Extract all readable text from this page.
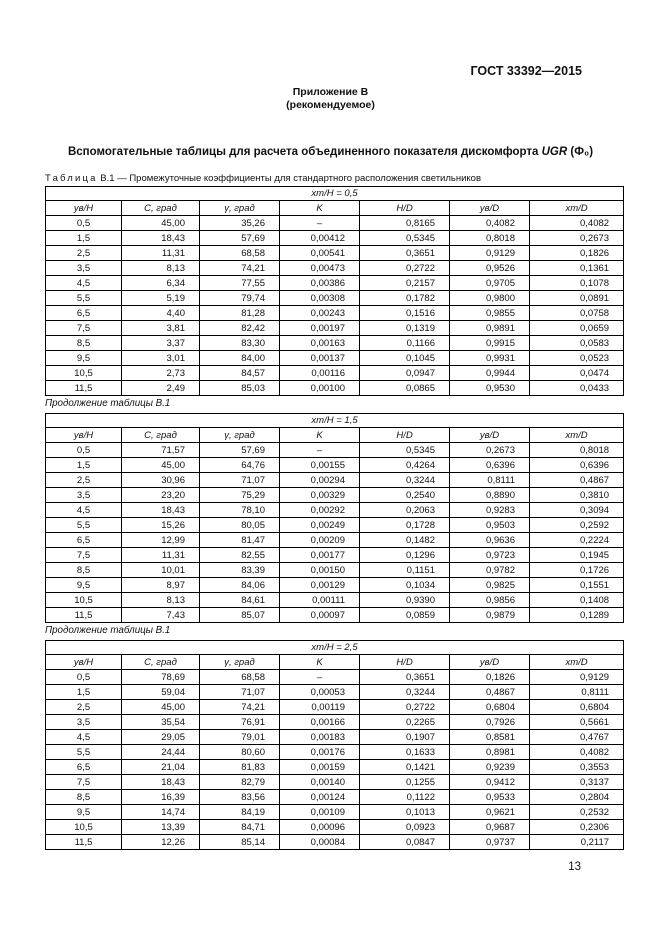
ГОСТ 33392—2015
Приложение В
(рекомендуемое)
Вспомогательные таблицы для расчета объединенного показателя дискомфорта UGR (Ф₀)
Таблица В.1 — Промежуточные коэффициенты для стандартного расположения светильников
Продолжение таблицы В.1
Продолжение таблицы В.1
xт/H = 0,5						
yв/H	C, град	γ, град	K	H/D	yв/D	xт/D
0,5	45,00	35,26	–	0,8165	0,4082	0,4082
1,5	18,43	57,69	0,00412	0,5345	0,8018	0,2673
2,5	11,31	68,58	0,00541	0,3651	0,9129	0,1826
3,5	8,13	74,21	0,00473	0,2722	0,9526	0,1361
4,5	6,34	77,55	0,00386	0,2157	0,9705	0,1078
5,5	5,19	79,74	0,00308	0,1782	0,9800	0,0891
6,5	4,40	81,28	0,00243	0,1516	0,9855	0,0758
7,5	3,81	82,42	0,00197	0,1319	0,9891	0,0659
8,5	3,37	83,30	0,00163	0,1166	0,9915	0,0583
9,5	3,01	84,00	0,00137	0,1045	0,9931	0,0523
10,5	2,73	84,57	0,00116	0,0947	0,9944	0,0474
11,5	2,49	85,03	0,00100	0,0865	0,9530	0,0433
xт/H = 1,5						
yв/H	C, град	γ, град	K	H/D	yв/D	xт/D
0,5	71,57	57,69	–	0,5345	0,2673	0,8018
1,5	45,00	64,76	0,00155	0,4264	0,6396	0,6396
2,5	30,96	71,07	0,00294	0,3244	0,8111	0,4867
3,5	23,20	75,29	0,00329	0,2540	0,8890	0,3810
4,5	18,43	78,10	0,00292	0,2063	0,9283	0,3094
5,5	15,26	80,05	0,00249	0,1728	0,9503	0,2592
6,5	12,99	81,47	0,00209	0,1482	0,9636	0,2224
7,5	11,31	82,55	0,00177	0,1296	0,9723	0,1945
8,5	10,01	83,39	0,00150	0,1151	0,9782	0,1726
9,5	8,97	84,06	0,00129	0,1034	0,9825	0,1551
10,5	8,13	84,61	0,00111	0,9390	0,9856	0,1408
11,5	7,43	85,07	0,00097	0,0859	0,9879	0,1289
xт/H = 2,5						
yв/H	C, град	γ, град	K	H/D	yв/D	xт/D
0,5	78,69	68,58	–	0,3651	0,1826	0,9129
1,5	59,04	71,07	0,00053	0,3244	0,4867	0,8111
2,5	45,00	74,21	0,00119	0,2722	0,6804	0,6804
3,5	35,54	76,91	0,00166	0,2265	0,7926	0,5661
4,5	29,05	79,01	0,00183	0,1907	0,8581	0,4767
5,5	24,44	80,60	0,00176	0,1633	0,8981	0,4082
6,5	21,04	81,83	0,00159	0,1421	0,9239	0,3553
7,5	18,43	82,79	0,00140	0,1255	0,9412	0,3137
8,5	16,39	83,56	0,00124	0,1122	0,9533	0,2804
9,5	14,74	84,19	0,00109	0,1013	0,9621	0,2532
10,5	13,39	84,71	0,00096	0,0923	0,9687	0,2306
11,5	12,26	85,14	0,00084	0,0847	0,9737	0,2117
13
